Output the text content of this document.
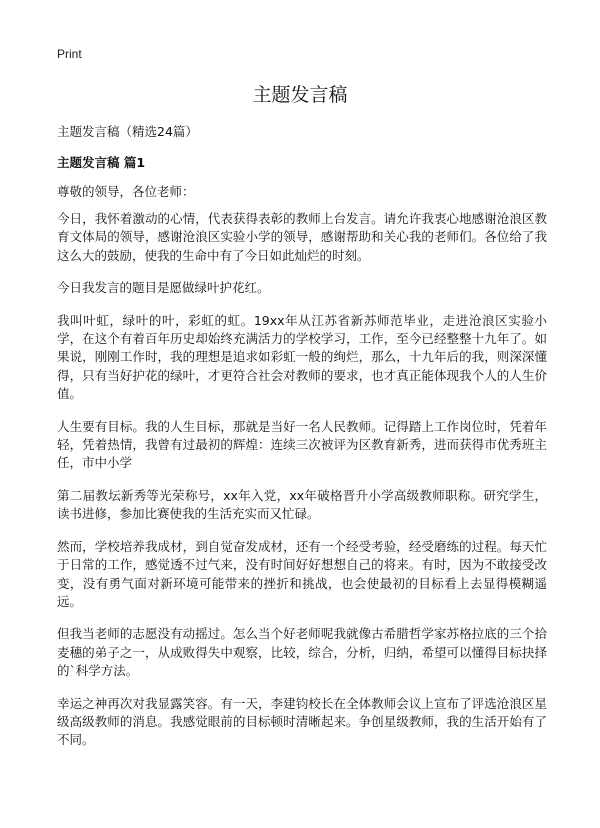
Print
主题发言稿
主题发言稿（精选24篇）
主题发言稿 篇1
尊敬的领导，各位老师：

今日，我怀着激动的心情，代表获得表彰的教师上台发言。请允许我衷心地感谢沧浪区教育文体局的领导，感谢沧浪区实验小学的领导，感谢帮助和关心我的老师们。各位给了我这么大的鼓励，使我的生命中有了今日如此灿烂的时刻。

今日我发言的题目是愿做绿叶护花红。

我叫叶虹，绿叶的叶，彩虹的虹。19xx年从江苏省新苏师范毕业，走进沧浪区实验小学，在这个有着百年历史却始终充满活力的学校学习，工作，至今已经整整十九年了。如果说，刚刚工作时，我的理想是追求如彩虹一般的绚烂，那么，十九年后的我，则深深懂得，只有当好护花的绿叶，才更符合社会对教师的要求，也才真正能体现我个人的人生价值。

人生要有目标。我的人生目标，那就是当好一名人民教师。记得踏上工作岗位时，凭着年轻，凭着热情，我曾有过最初的辉煌：连续三次被评为区教育新秀，进而获得市优秀班主任，市中小学

第二届教坛新秀等光荣称号，xx年入党，xx年破格晋升小学高级教师职称。研究学生，读书进修，参加比赛使我的生活充实而又忙碌。

然而，学校培养我成材，到自觉奋发成材，还有一个经受考验，经受磨练的过程。每天忙于日常的工作，感觉透不过气来，没有时间好好想想自己的将来。有时，因为不敢接受改变，没有勇气面对新环境可能带来的挫折和挑战，也会使最初的目标看上去显得模糊遥远。

但我当老师的志愿没有动摇过。怎么当个好老师呢我就像古希腊哲学家苏格拉底的三个拾麦穗的弟子之一，从成败得失中观察，比较，综合，分析，归纳，希望可以懂得目标抉择的`科学方法。

幸运之神再次对我显露笑容。有一天，李建钧校长在全体教师会议上宣布了评选沧浪区星级高级教师的消息。我感觉眼前的目标顿时清晰起来。争创星级教师，我的生活开始有了不同。
